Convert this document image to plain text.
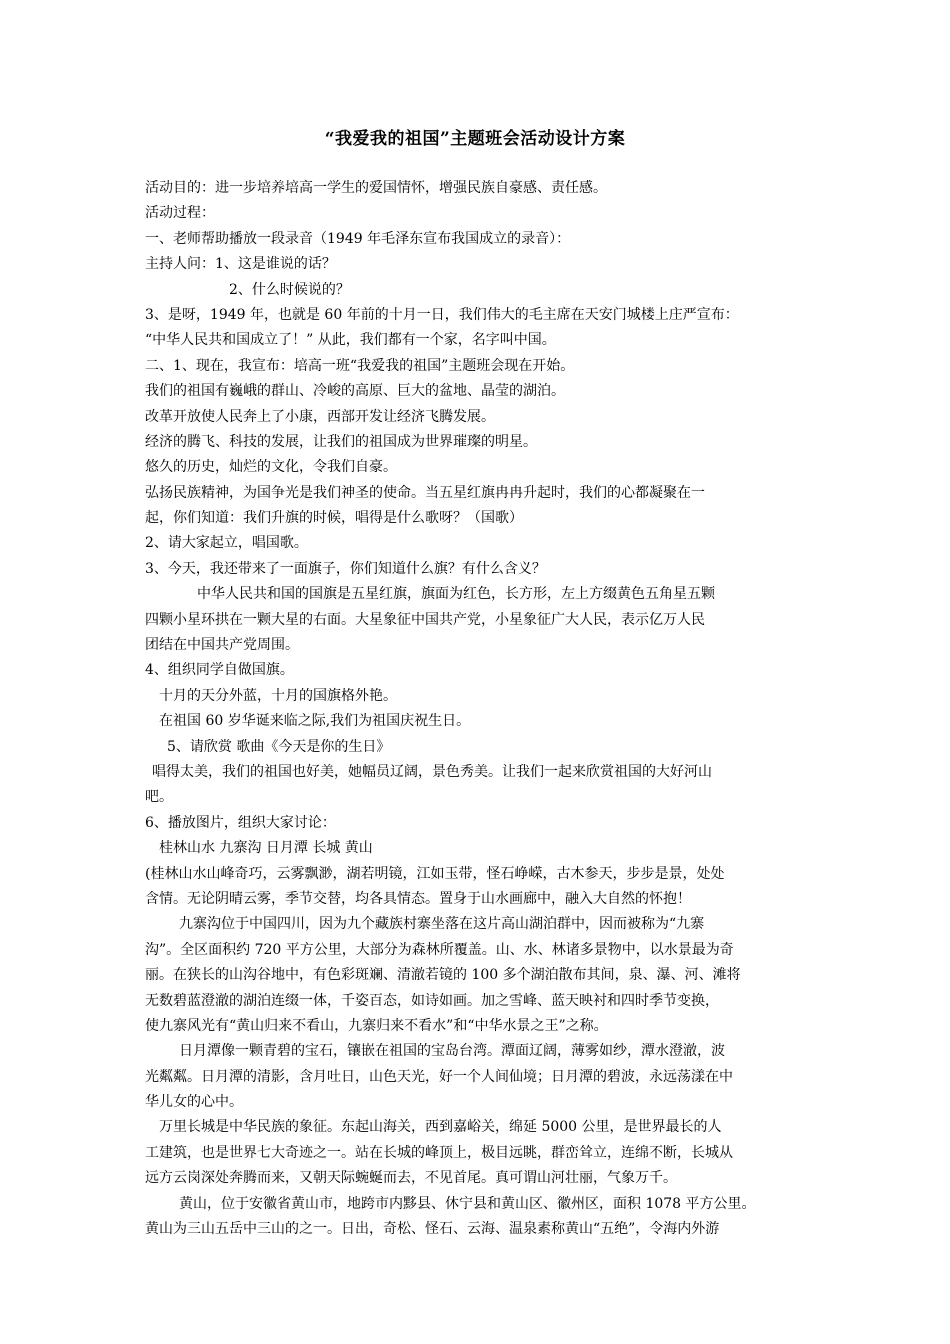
“我爱我的祖国”主题班会活动设计方案
活动目的：进一步培养培高一学生的爱国情怀，增强民族自豪感、责任感。
活动过程：
一、老师帮助播放一段录音（1949 年毛泽东宣布我国成立的录音）：
主持人问：1、这是谁说的话？
2、什么时候说的？
3、是呀，1949 年，也就是 60 年前的十月一日，我们伟大的毛主席在天安门城楼上庄严宣布：
“中华人民共和国成立了！” 从此，我们都有一个家，名字叫中国。
二、1、现在，我宣布：培高一班“我爱我的祖国”主题班会现在开始。
我们的祖国有巍峨的群山、冷峻的高原、巨大的盆地、晶莹的湖泊。
改革开放使人民奔上了小康，西部开发让经济飞腾发展。
经济的腾飞、科技的发展，让我们的祖国成为世界璀璨的明星。
悠久的历史，灿烂的文化，令我们自豪。
弘扬民族精神，为国争光是我们神圣的使命。当五星红旗冉冉升起时，我们的心都凝聚在一
起，你们知道：我们升旗的时候，唱得是什么歌呀？（国歌）
2、请大家起立，唱国歌。
3、今天，我还带来了一面旗子，你们知道什么旗？有什么含义？
中华人民共和国的国旗是五星红旗，旗面为红色，长方形，左上方缀黄色五角星五颗
四颗小星环拱在一颗大星的右面。大星象征中国共产党，小星象征广大人民，表示亿万人民
团结在中国共产党周围。
4、组织同学自做国旗。
十月的天分外蓝，十月的国旗格外艳。
在祖国 60 岁华诞来临之际,我们为祖国庆祝生日。
5、请欣赏 歌曲《今天是你的生日》
唱得太美，我们的祖国也好美，她幅员辽阔，景色秀美。让我们一起来欣赏祖国的大好河山
吧。
6、播放图片，组织大家讨论：
桂林山水 九寨沟 日月潭 长城 黄山
(桂林山水山峰奇巧，云雾飘渺，湖若明镜，江如玉带，怪石峥嵘，古木参天，步步是景，处处
含情。无论阴晴云雾，季节交替，均各具情态。置身于山水画廊中，融入大自然的怀抱！
九寨沟位于中国四川，因为九个藏族村寨坐落在这片高山湖泊群中，因而被称为“九寨
沟”。全区面积约 720 平方公里，大部分为森林所覆盖。山、水、林诸多景物中，以水景最为奇
丽。在狭长的山沟谷地中，有色彩斑斓、清澈若镜的 100 多个湖泊散布其间，泉、瀑、河、滩将
无数碧蓝澄澈的湖泊连缀一体，千姿百态，如诗如画。加之雪峰、蓝天映衬和四时季节变换，
使九寨风光有“黄山归来不看山，九寨归来不看水”和“中华水景之王”之称。
日月潭像一颗青碧的宝石，镶嵌在祖国的宝岛台湾。潭面辽阔，薄雾如纱，潭水澄澈，波
光粼粼。日月潭的清影，含月吐日，山色天光，好一个人间仙境；日月潭的碧波，永远荡漾在中
华儿女的心中。
万里长城是中华民族的象征。东起山海关，西到嘉峪关，绵延 5000 公里，是世界最长的人
工建筑，也是世界七大奇迹之一。站在长城的峰顶上，极目远眺，群峦耸立，连绵不断，长城从
远方云岗深处奔腾而来，又朝天际蜿蜒而去，不见首尾。真可谓山河壮丽，气象万千。
黄山，位于安徽省黄山市，地跨市内黟县、休宁县和黄山区、徽州区，面积 1078 平方公里。
黄山为三山五岳中三山的之一。日出，奇松、怪石、云海、温泉素称黄山“五绝”，令海内外游
